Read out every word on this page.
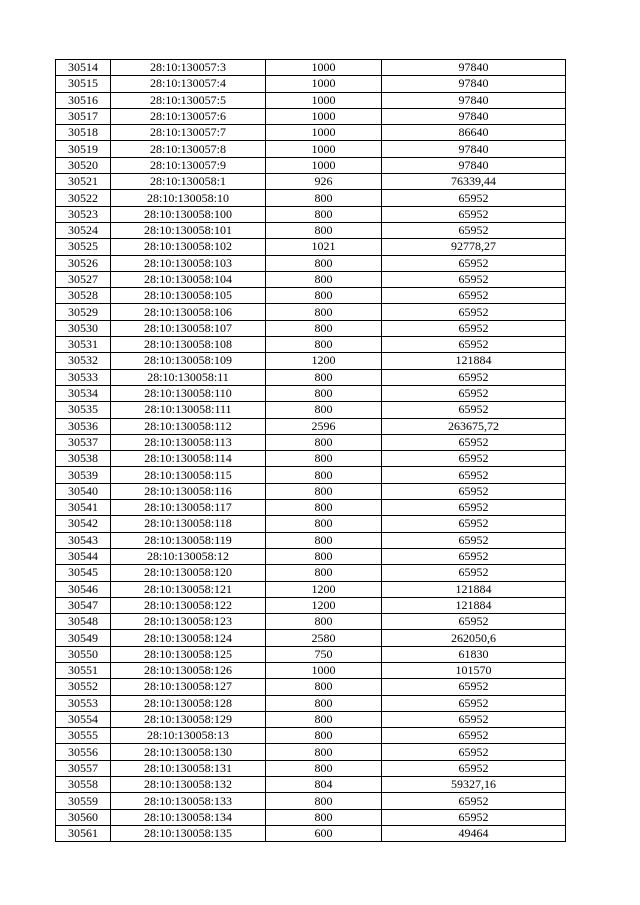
30514	28:10:130057:3	1000	97840
30515	28:10:130057:4	1000	97840
30516	28:10:130057:5	1000	97840
30517	28:10:130057:6	1000	97840
30518	28:10:130057:7	1000	86640
30519	28:10:130057:8	1000	97840
30520	28:10:130057:9	1000	97840
30521	28:10:130058:1	926	76339,44
30522	28:10:130058:10	800	65952
30523	28:10:130058:100	800	65952
30524	28:10:130058:101	800	65952
30525	28:10:130058:102	1021	92778,27
30526	28:10:130058:103	800	65952
30527	28:10:130058:104	800	65952
30528	28:10:130058:105	800	65952
30529	28:10:130058:106	800	65952
30530	28:10:130058:107	800	65952
30531	28:10:130058:108	800	65952
30532	28:10:130058:109	1200	121884
30533	28:10:130058:11	800	65952
30534	28:10:130058:110	800	65952
30535	28:10:130058:111	800	65952
30536	28:10:130058:112	2596	263675,72
30537	28:10:130058:113	800	65952
30538	28:10:130058:114	800	65952
30539	28:10:130058:115	800	65952
30540	28:10:130058:116	800	65952
30541	28:10:130058:117	800	65952
30542	28:10:130058:118	800	65952
30543	28:10:130058:119	800	65952
30544	28:10:130058:12	800	65952
30545	28:10:130058:120	800	65952
30546	28:10:130058:121	1200	121884
30547	28:10:130058:122	1200	121884
30548	28:10:130058:123	800	65952
30549	28:10:130058:124	2580	262050,6
30550	28:10:130058:125	750	61830
30551	28:10:130058:126	1000	101570
30552	28:10:130058:127	800	65952
30553	28:10:130058:128	800	65952
30554	28:10:130058:129	800	65952
30555	28:10:130058:13	800	65952
30556	28:10:130058:130	800	65952
30557	28:10:130058:131	800	65952
30558	28:10:130058:132	804	59327,16
30559	28:10:130058:133	800	65952
30560	28:10:130058:134	800	65952
30561	28:10:130058:135	600	49464
